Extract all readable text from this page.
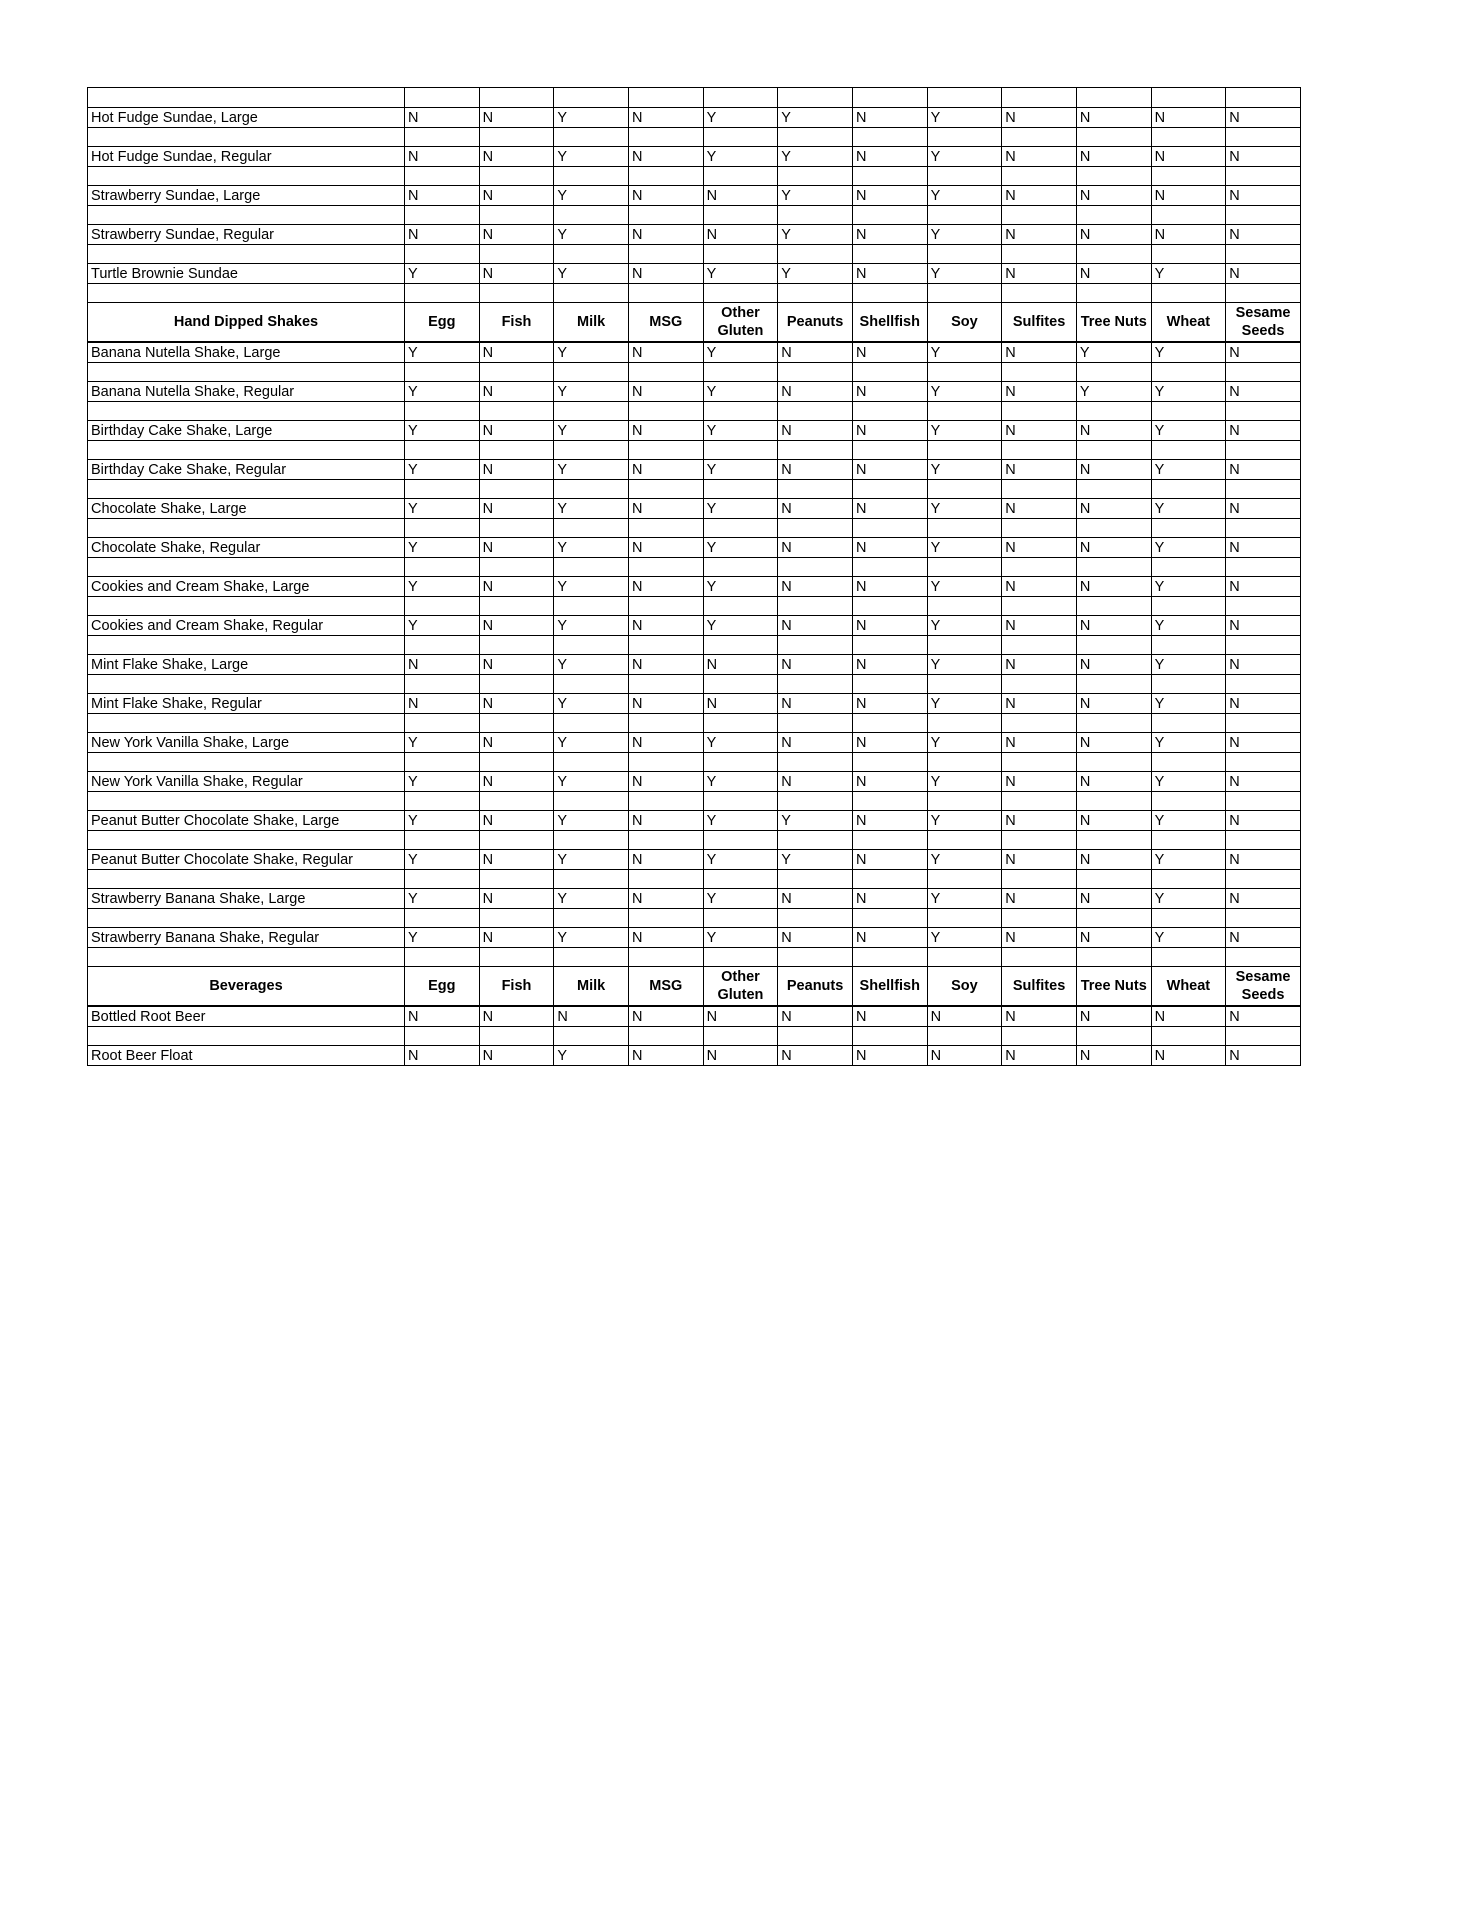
Hot Fudge Sundae, Large	N	N	Y	N	Y	Y	N	Y	N	N	N	N

Hot Fudge Sundae, Regular	N	N	Y	N	Y	Y	N	Y	N	N	N	N

Strawberry Sundae, Large	N	N	Y	N	N	Y	N	Y	N	N	N	N

Strawberry Sundae, Regular	N	N	Y	N	N	Y	N	Y	N	N	N	N

Turtle Brownie Sundae	Y	N	Y	N	Y	Y	N	Y	N	N	Y	N

Hand Dipped Shakes	Egg	Fish	Milk	MSG	Other Gluten	Peanuts	Shellfish	Soy	Sulfites	Tree Nuts	Wheat	Sesame Seeds
Banana Nutella Shake, Large	Y	N	Y	N	Y	N	N	Y	N	Y	Y	N

Banana Nutella Shake, Regular	Y	N	Y	N	Y	N	N	Y	N	Y	Y	N

Birthday Cake Shake, Large	Y	N	Y	N	Y	N	N	Y	N	N	Y	N

Birthday Cake Shake, Regular	Y	N	Y	N	Y	N	N	Y	N	N	Y	N

Chocolate Shake, Large	Y	N	Y	N	Y	N	N	Y	N	N	Y	N

Chocolate Shake, Regular	Y	N	Y	N	Y	N	N	Y	N	N	Y	N

Cookies and Cream Shake, Large	Y	N	Y	N	Y	N	N	Y	N	N	Y	N

Cookies and Cream Shake, Regular	Y	N	Y	N	Y	N	N	Y	N	N	Y	N

Mint Flake Shake, Large	N	N	Y	N	N	N	N	Y	N	N	Y	N

Mint Flake Shake, Regular	N	N	Y	N	N	N	N	Y	N	N	Y	N

New York Vanilla Shake, Large	Y	N	Y	N	Y	N	N	Y	N	N	Y	N

New York Vanilla Shake, Regular	Y	N	Y	N	Y	N	N	Y	N	N	Y	N

Peanut Butter Chocolate Shake, Large	Y	N	Y	N	Y	Y	N	Y	N	N	Y	N

Peanut Butter Chocolate Shake, Regular	Y	N	Y	N	Y	Y	N	Y	N	N	Y	N

Strawberry Banana Shake, Large	Y	N	Y	N	Y	N	N	Y	N	N	Y	N

Strawberry Banana Shake, Regular	Y	N	Y	N	Y	N	N	Y	N	N	Y	N

Beverages	Egg	Fish	Milk	MSG	Other Gluten	Peanuts	Shellfish	Soy	Sulfites	Tree Nuts	Wheat	Sesame Seeds
Bottled Root Beer	N	N	N	N	N	N	N	N	N	N	N	N

Root Beer Float	N	N	Y	N	N	N	N	N	N	N	N	N
